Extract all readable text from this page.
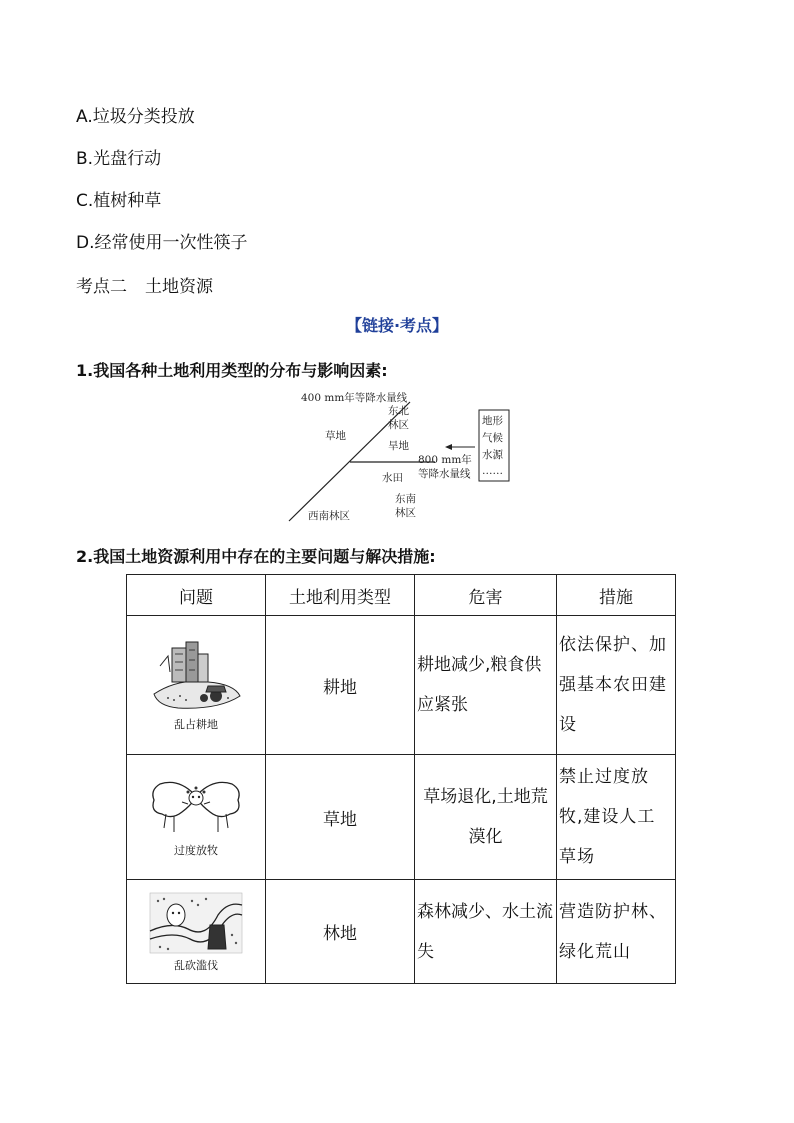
A.垃圾分类投放
B.光盘行动
C.植树种草
D.经常使用一次性筷子
考点二 土地资源
【链接·考点】
1.我国各种土地利用类型的分布与影响因素:
400 mm年等降水量线
东北
林区
草地
旱地
800 mm年
等降水量线
水田
东南
林区
西南林区
地形
气候
水源
……
2.我国土地资源利用中存在的主要问题与解决措施:
问题	土地利用类型	危害	措施

乱占耕地	耕地	耕地减少,粮食供应紧张	依法保护、加强基本农田建设

过度放牧	草地	草场退化,土地荒漠化	禁止过度放牧,建设人工草场

乱砍滥伐	林地	森林减少、水土流失	营造防护林、绿化荒山
